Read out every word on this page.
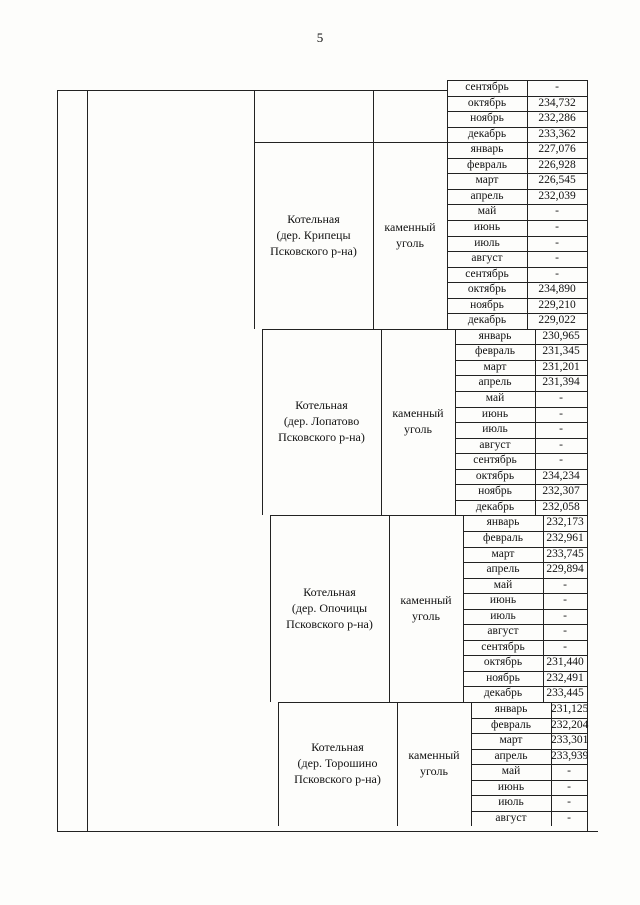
5
сентябрь	-
октябрь	234,732
ноябрь	232,286
декабрь	233,362
Котельная
(дер. Крипецы
Псковского р-на)
каменный
уголь
январь	227,076
февраль	226,928
март	226,545
апрель	232,039
май	-
июнь	-
июль	-
август	-
сентябрь	-
октябрь	234,890
ноябрь	229,210
декабрь	229,022
Котельная
(дер. Лопатово
Псковского р-на)
каменный
уголь
январь	230,965
февраль	231,345
март	231,201
апрель	231,394
май	-
июнь	-
июль	-
август	-
сентябрь	-
октябрь	234,234
ноябрь	232,307
декабрь	232,058
Котельная
(дер. Опочицы
Псковского р-на)
каменный
уголь
январь	232,173
февраль	232,961
март	233,745
апрель	229,894
май	-
июнь	-
июль	-
август	-
сентябрь	-
октябрь	231,440
ноябрь	232,491
декабрь	233,445
Котельная
(дер. Торошино
Псковского р-на)
каменный
уголь
январь	231,125
февраль	232,204
март	233,301
апрель	233,939
май	-
июнь	-
июль	-
август	-
